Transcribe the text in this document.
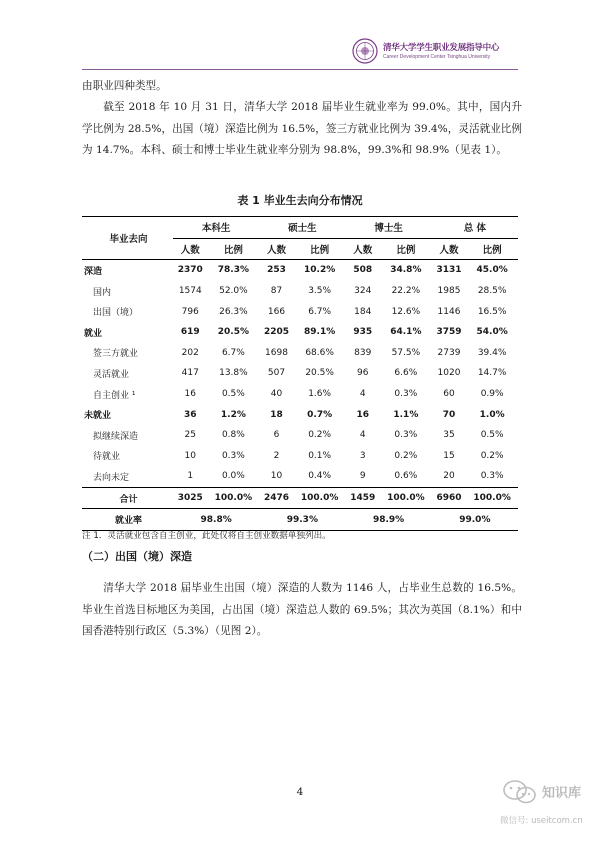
清华大学学生职业发展指导中心
Career Development Center Tsinghua University
由职业四种类型。
截至 2018 年 10 月 31 日，清华大学 2018 届毕业生就业率为 99.0%。其中，国内升学比例为 28.5%，出国（境）深造比例为 16.5%，签三方就业比例为 39.4%，灵活就业比例为 14.7%。本科、硕士和博士毕业生就业率分别为 98.8%，99.3%和 98.9%（见表 1）。
表 1 毕业生去向分布情况
毕业去向	本科生		硕士生		博士生		总 体	
	人数	比例	人数	比例	人数	比例	人数	比例
深造	2370	78.3%	253	10.2%	508	34.8%	3131	45.0%
国内	1574	52.0%	87	3.5%	324	22.2%	1985	28.5%
出国（境）	796	26.3%	166	6.7%	184	12.6%	1146	16.5%
就业	619	20.5%	2205	89.1%	935	64.1%	3759	54.0%
签三方就业	202	6.7%	1698	68.6%	839	57.5%	2739	39.4%
灵活就业	417	13.8%	507	20.5%	96	6.6%	1020	14.7%
自主创业 ¹	16	0.5%	40	1.6%	4	0.3%	60	0.9%
未就业	36	1.2%	18	0.7%	16	1.1%	70	1.0%
拟继续深造	25	0.8%	6	0.2%	4	0.3%	35	0.5%
待就业	10	0.3%	2	0.1%	3	0.2%	15	0.2%
去向未定	1	0.0%	10	0.4%	9	0.6%	20	0.3%
合计	3025	100.0%	2476	100.0%	1459	100.0%	6960	100.0%
就业率	98.8%		99.3%		98.9%		99.0%	
注 1．灵活就业包含自主创业，此处仅将自主创业数据单独列出。
（二）出国（境）深造
清华大学 2018 届毕业生出国（境）深造的人数为 1146 人，占毕业生总数的 16.5%。毕业生首选目标地区为美国，占出国（境）深造总人数的 69.5%；其次为英国（8.1%）和中国香港特别行政区（5.3%）（见图 2）。
4	知识库
微信号: useitcom.cn
